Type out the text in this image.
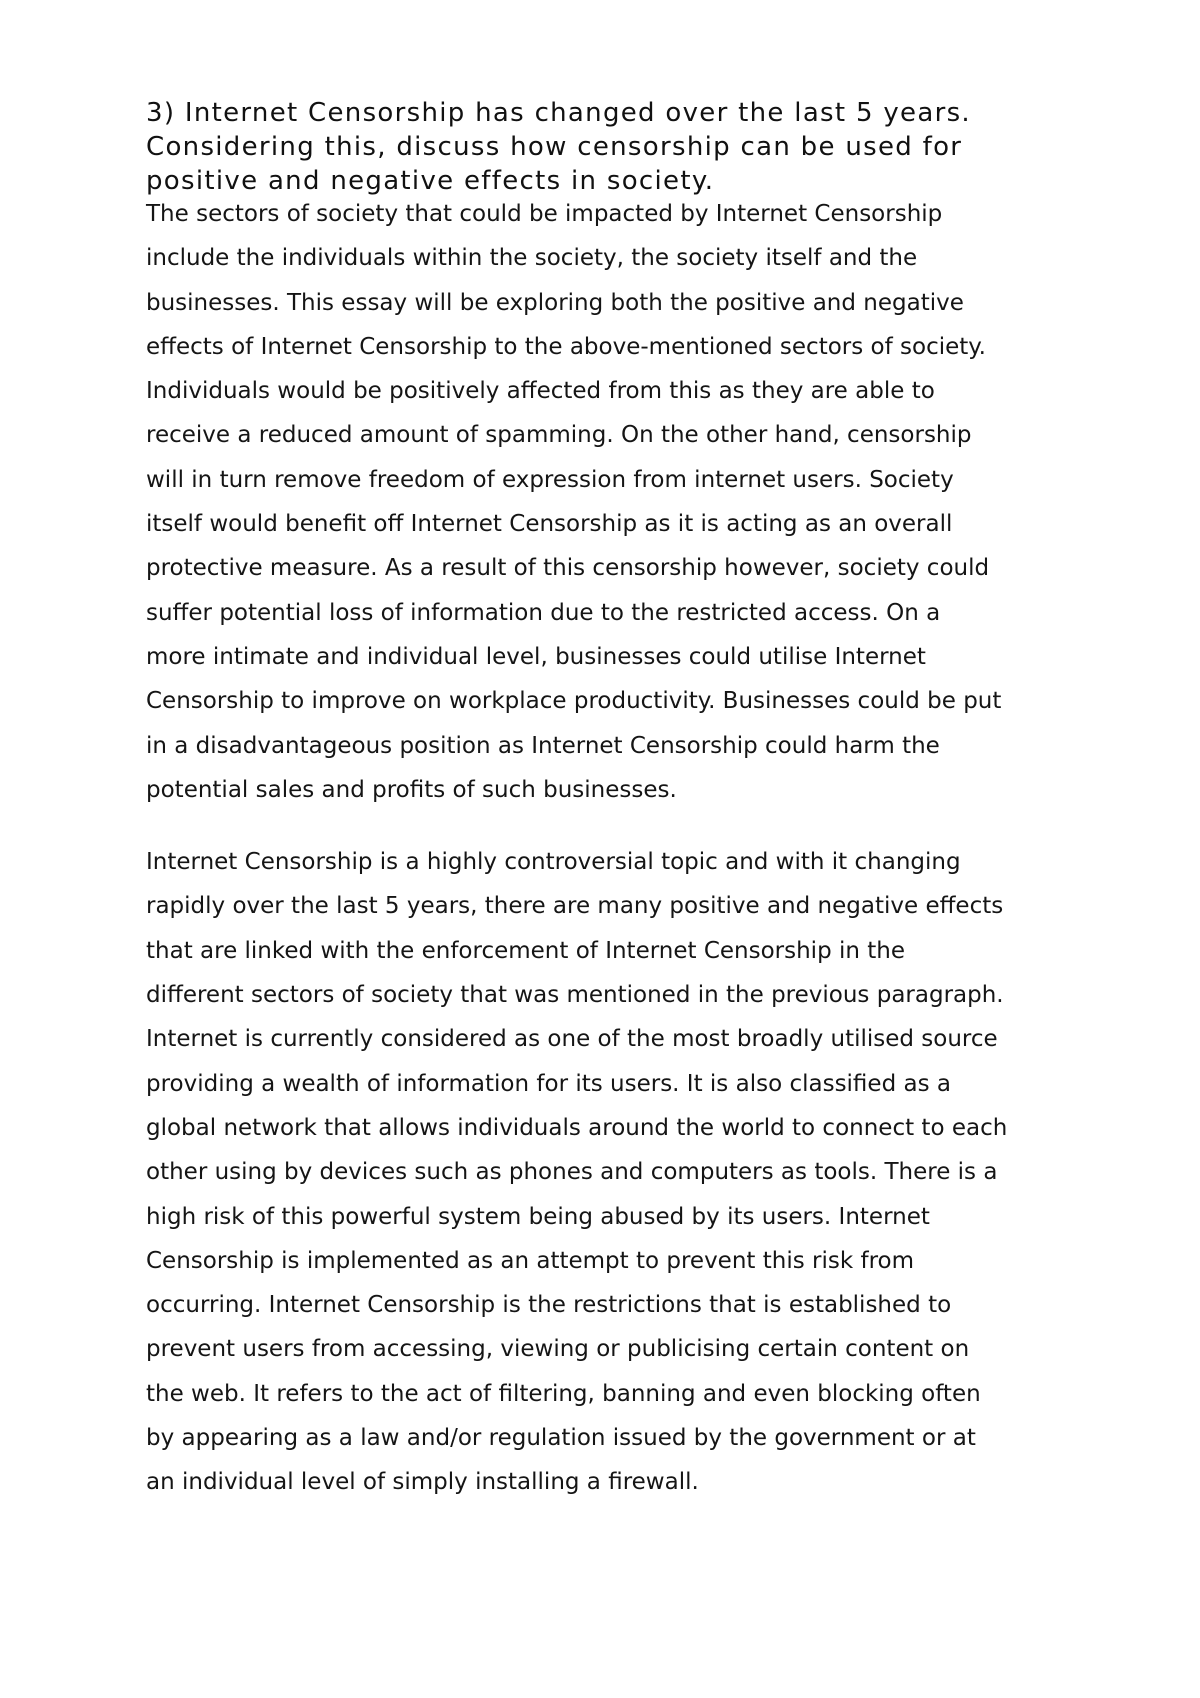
3) Internet Censorship has changed over the last 5 years.

Considering this, discuss how censorship can be used for

positive and negative effects in society.

The sectors of society that could be impacted by Internet Censorship

include the individuals within the society, the society itself and the

businesses. This essay will be exploring both the positive and negative

effects of Internet Censorship to the above-mentioned sectors of society.

Individuals would be positively affected from this as they are able to

receive a reduced amount of spamming. On the other hand, censorship

will in turn remove freedom of expression from internet users. Society

itself would benefit off Internet Censorship as it is acting as an overall

protective measure. As a result of this censorship however, society could

suffer potential loss of information due to the restricted access. On a

more intimate and individual level, businesses could utilise Internet

Censorship to improve on workplace productivity. Businesses could be put

in a disadvantageous position as Internet Censorship could harm the

potential sales and profits of such businesses.

Internet Censorship is a highly controversial topic and with it changing

rapidly over the last 5 years, there are many positive and negative effects

that are linked with the enforcement of Internet Censorship in the

different sectors of society that was mentioned in the previous paragraph.

Internet is currently considered as one of the most broadly utilised source

providing a wealth of information for its users. It is also classified as a

global network that allows individuals around the world to connect to each

other using by devices such as phones and computers as tools. There is a

high risk of this powerful system being abused by its users. Internet

Censorship is implemented as an attempt to prevent this risk from

occurring. Internet Censorship is the restrictions that is established to

prevent users from accessing, viewing or publicising certain content on

the web. It refers to the act of filtering, banning and even blocking often

by appearing as a law and/or regulation issued by the government or at

an individual level of simply installing a firewall.
